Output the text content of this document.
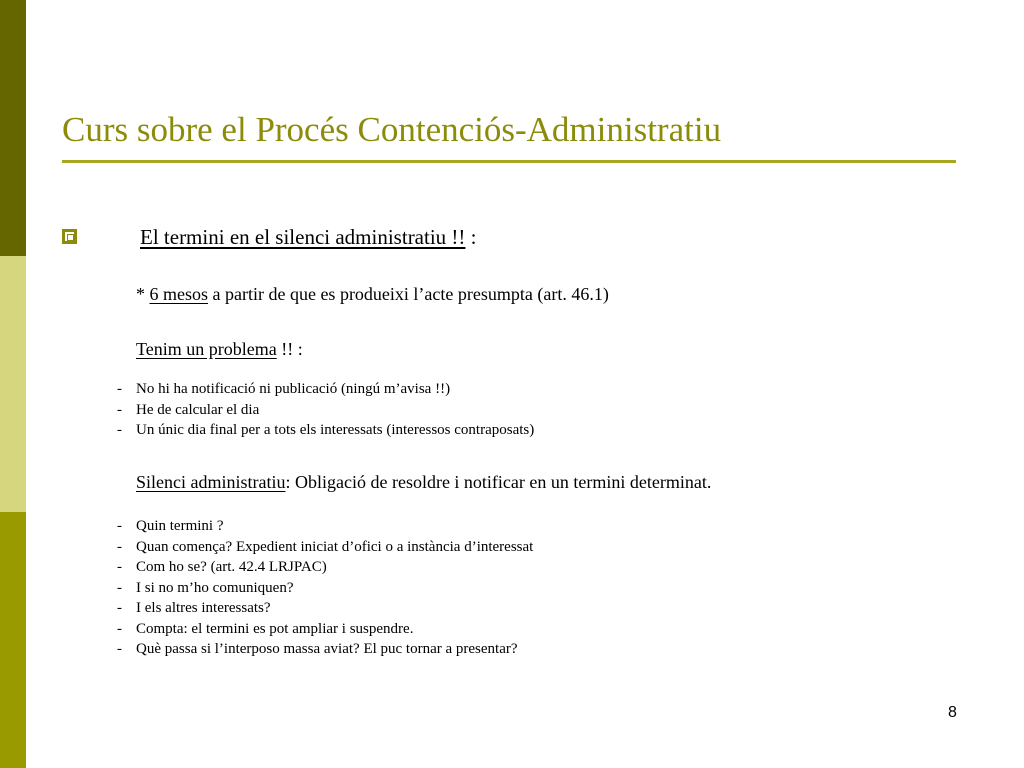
Curs sobre el Procés Contenciós-Administratiu
El termini en el silenci administratiu !! :
* 6 mesos a partir de que es produeixi l’acte presumpta (art. 46.1)
Tenim un problema !! :
- No hi ha notificació ni publicació (ningú m’avisa !!)
- He de calcular el dia
- Un únic dia final per a tots els interessats (interessos contraposats)
Silenci administratiu: Obligació de resoldre i notificar en un termini determinat.
- Quin termini ?
- Quan comença? Expedient iniciat d’ofici o a instància d’interessat
- Com ho se? (art. 42.4 LRJPAC)
- I si no m’ho comuniquen?
- I els altres interessats?
- Compta: el termini es pot ampliar i suspendre.
- Què passa si l’interposo massa aviat? El puc tornar a presentar?
8
